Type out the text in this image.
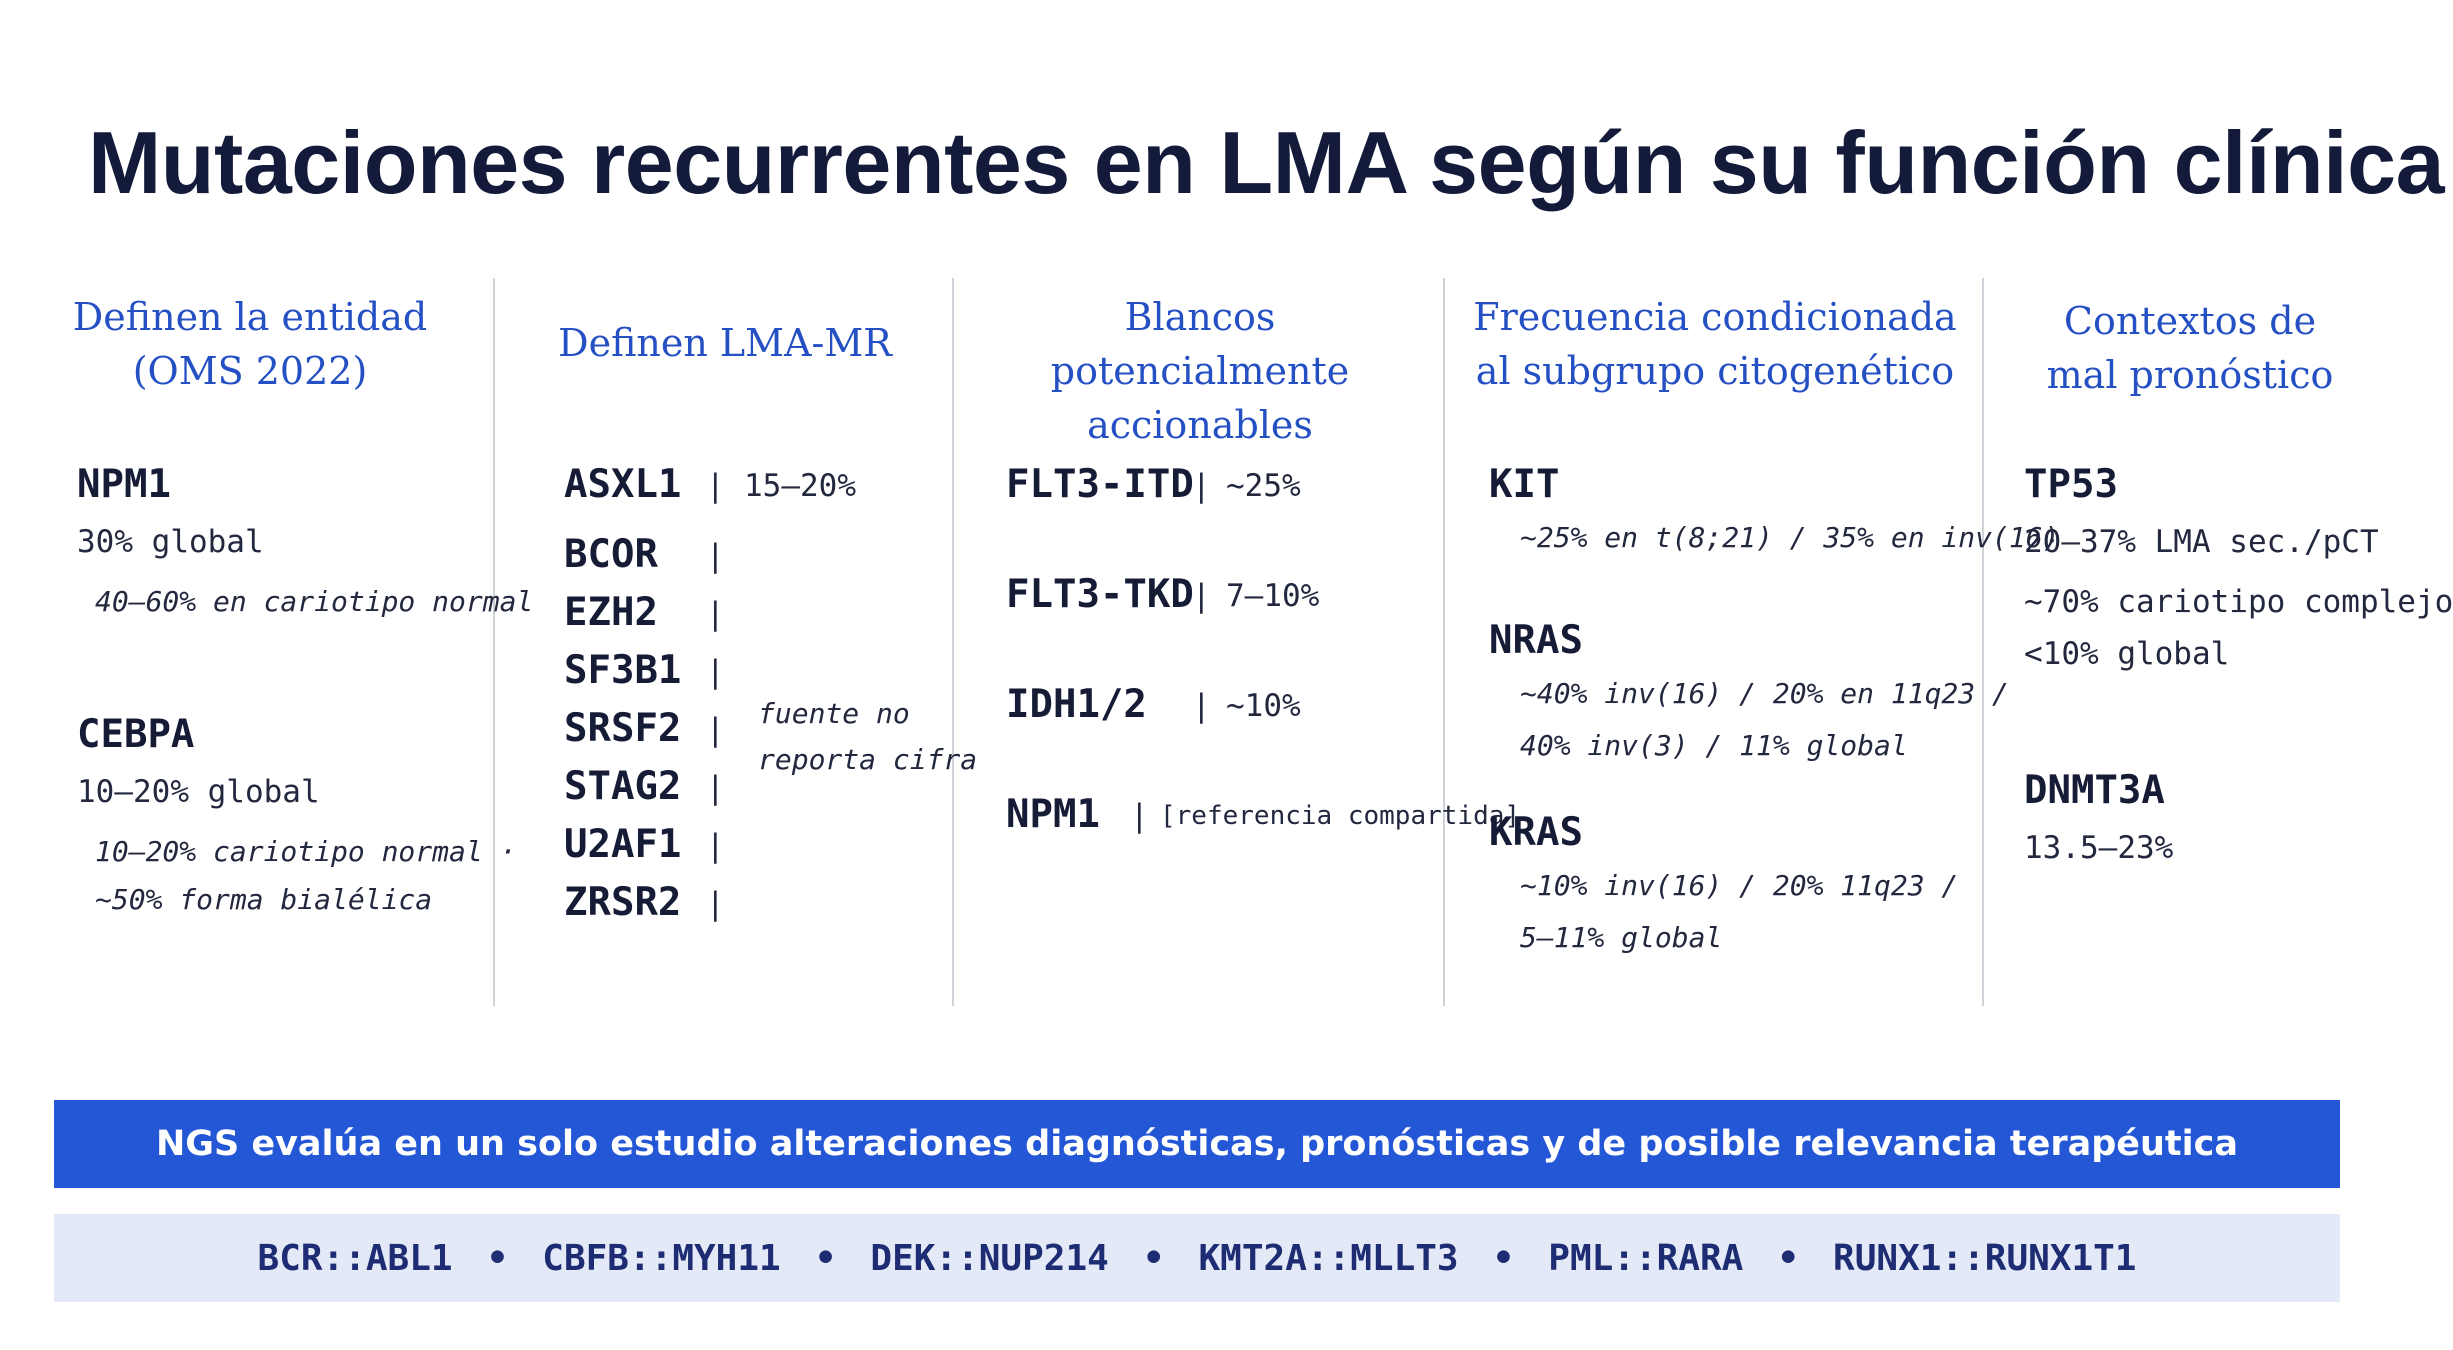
Mutaciones recurrentes en LMA según su función clínica
Definen la entidad
(OMS 2022)
NPM1
30% global
40–60% en cariotipo normal
CEBPA
10–20% global
10–20% cariotipo normal ·
~50% forma bialélica
Definen LMA-MR
ASXL1 |
BCOR |
EZH2 |
SF3B1 |
SRSF2 |
STAG2 |
U2AF1 |
ZRSR2 |
15–20%
fuente no
reporta cifra
Blancos potencialmente
accionables
FLT3-ITD
| ~25%
FLT3-TKD
| 7–10%
IDH1/2 | ~10%
NPM1 | [referencia compartida]
Frecuencia condicionada
al subgrupo citogenético
KIT
~25% en t(8;21) / 35% en inv(16)
NRAS
~40% inv(16) / 20% en 11q23 /
40% inv(3) / 11% global
KRAS
~10% inv(16) / 20% 11q23 /
5–11% global
Contextos de
mal pronóstico
TP53
20–37% LMA sec./pCT
~70% cariotipo complejo
<10% global
DNMT3A
13.5–23%
NGS evalúa en un solo estudio alteraciones diagnósticas, pronósticas y de posible relevancia terapéutica
BCR::ABL1 • CBFB::MYH11 • DEK::NUP214 • KMT2A::MLLT3 • PML::RARA • RUNX1::RUNX1T1
